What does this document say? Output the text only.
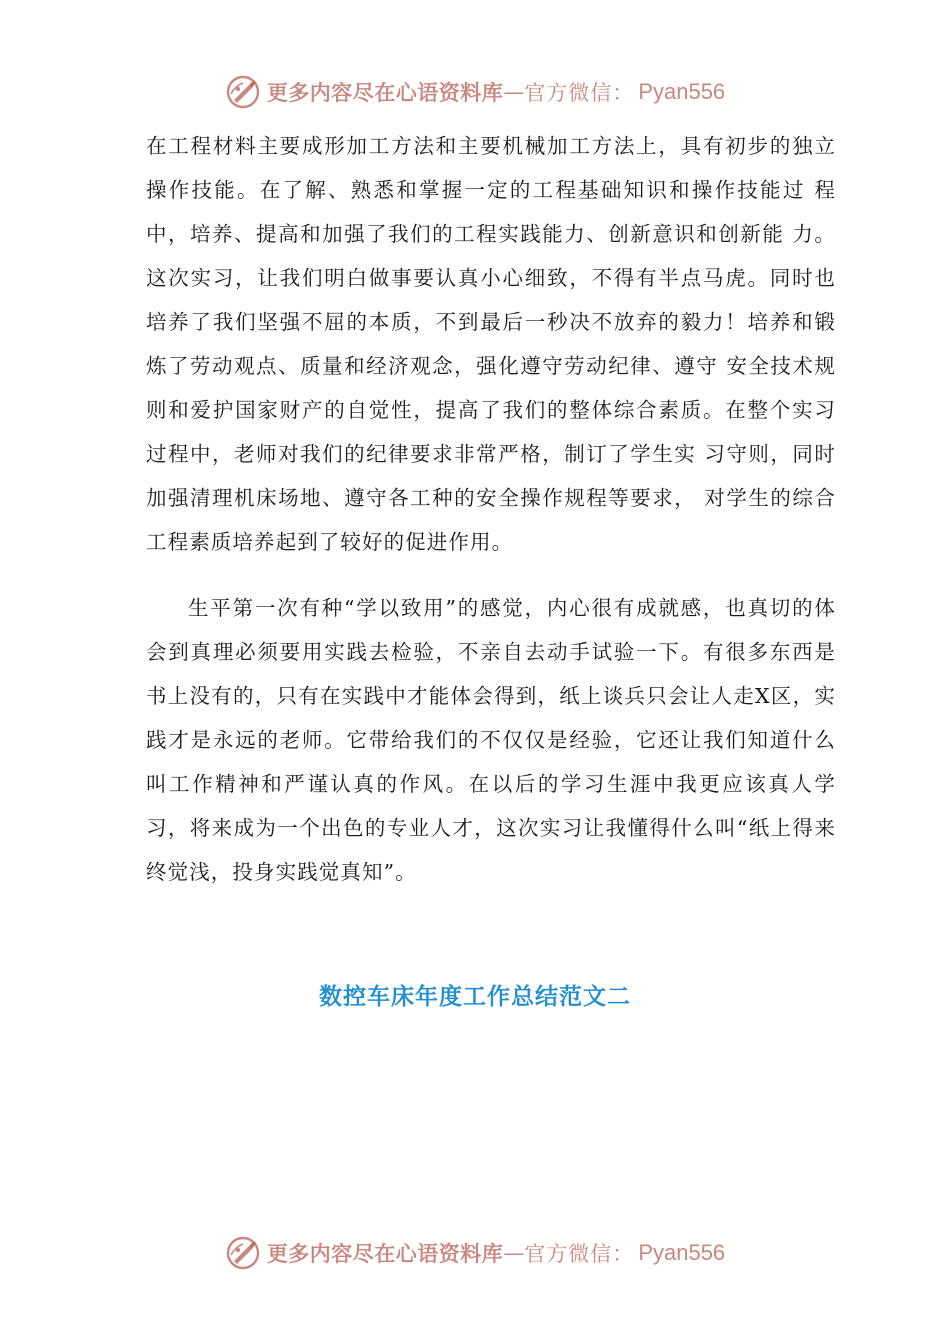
更多内容尽在心语资料库 — 官方微信： Pyan556

在工程材料主要成形加工方法和主要机械加工方法上，具有初步的独立操作技能。在了解、熟悉和掌握一定的工程基础知识和操作技能过 程中，培养、提高和加强了我们的工程实践能力、创新意识和创新能 力。这次实习，让我们明白做事要认真小心细致，不得有半点马虎。同时也培养了我们坚强不屈的本质，不到最后一秒决不放弃的毅力！培养和锻炼了劳动观点、质量和经济观念，强化遵守劳动纪律、遵守 安全技术规则和爱护国家财产的自觉性，提高了我们的整体综合素质。在整个实习过程中，老师对我们的纪律要求非常严格，制订了学生实 习守则，同时加强清理机床场地、遵守各工种的安全操作规程等要求， 对学生的综合工程素质培养起到了较好的促进作用。

生平第一次有种“学以致用”的感觉，内心很有成就感，也真切的体会到真理必须要用实践去检验，不亲自去动手试验一下。有很多东西是书上没有的，只有在实践中才能体会得到，纸上谈兵只会让人走X区，实践才是永远的老师。它带给我们的不仅仅是经验，它还让我们知道什么叫工作精神和严谨认真的作风。在以后的学习生涯中我更应该真人学习，将来成为一个出色的专业人才，这次实习让我懂得什么叫“纸上得来终觉浅，投身实践觉真知”。

数控车床年度工作总结范文二
更多内容尽在心语资料库 — 官方微信： Pyan556
